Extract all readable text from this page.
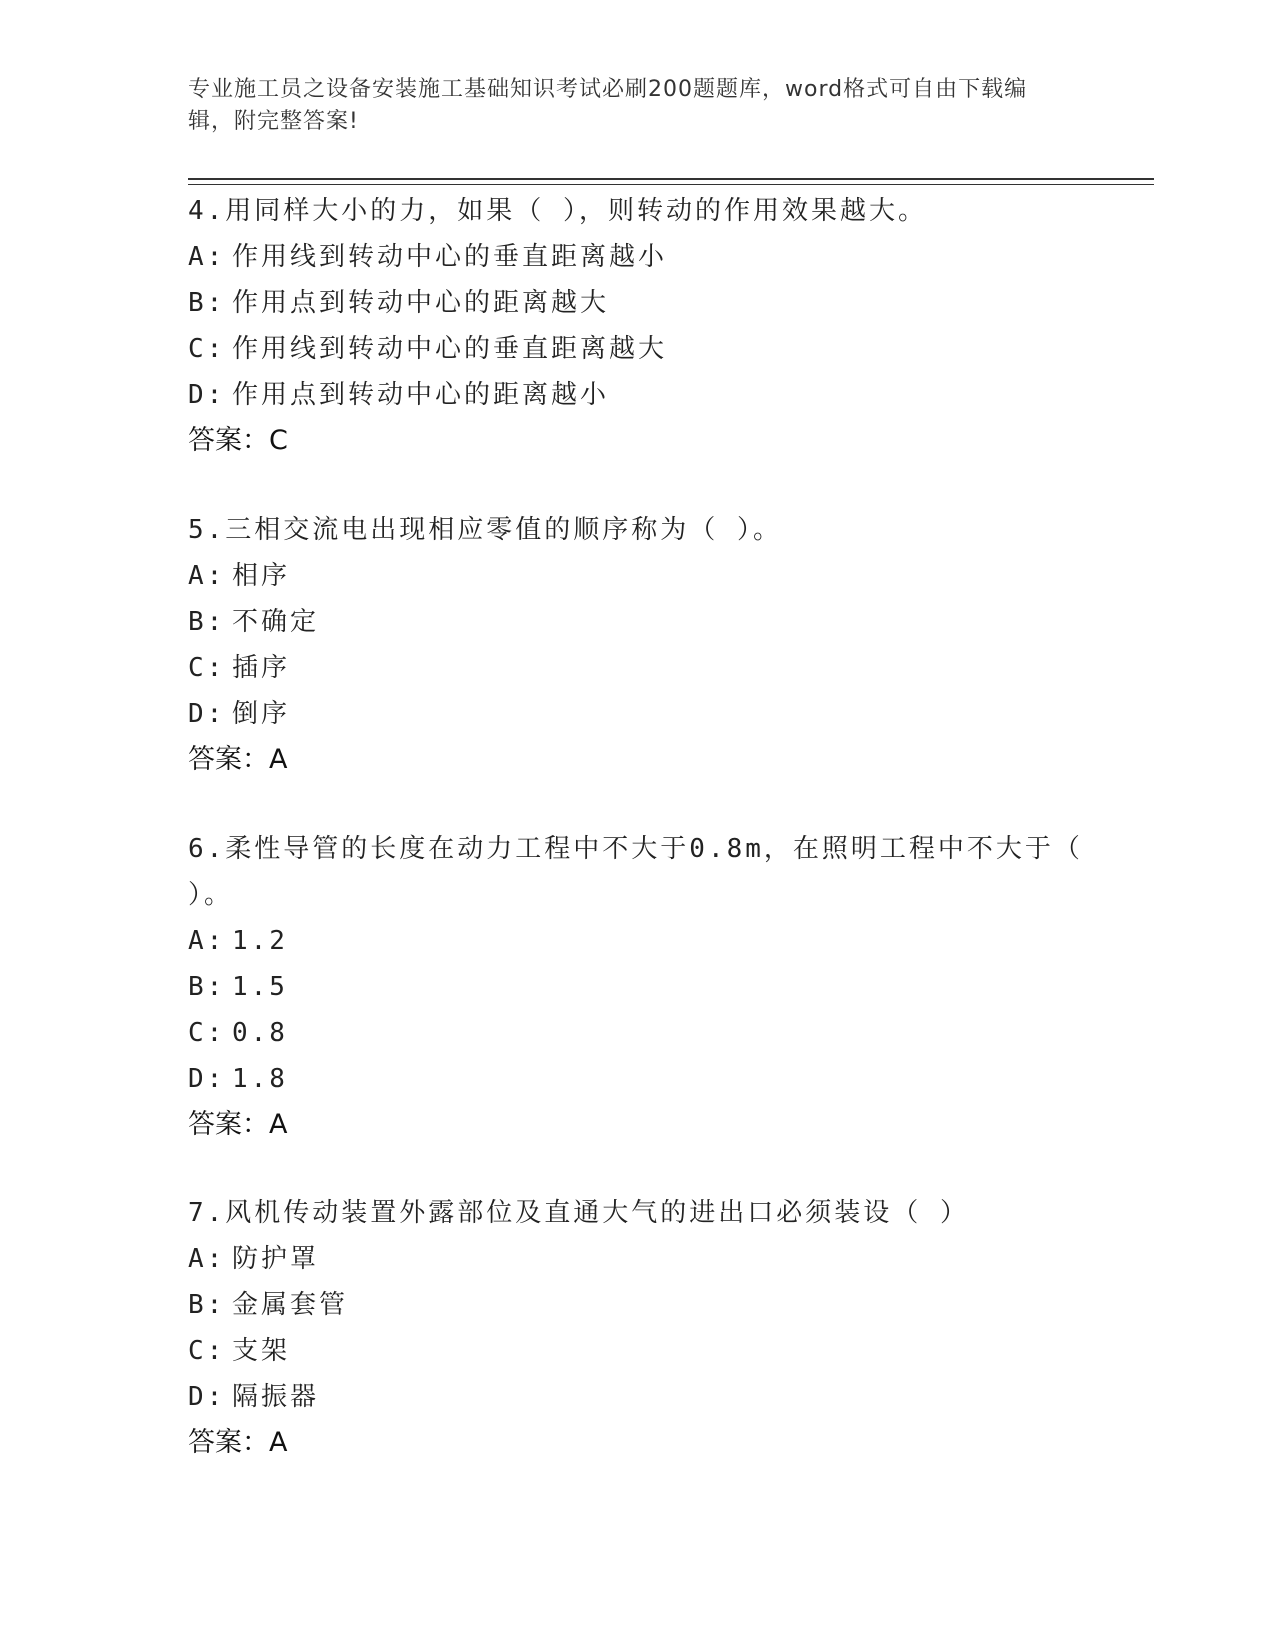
专业施工员之设备安装施工基础知识考试必刷200题题库，word格式可自由下载编辑，附完整答案!

4.用同样大小的力，如果（ ），则转动的作用效果越大。

A: 作用线到转动中心的垂直距离越小

B: 作用点到转动中心的距离越大

C: 作用线到转动中心的垂直距离越大

D: 作用点到转动中心的距离越小

答案：C

5.三相交流电出现相应零值的顺序称为（ ）。

A: 相序

B: 不确定

C: 插序

D: 倒序

答案：A

6.柔性导管的长度在动力工程中不大于0.8m，在照明工程中不大于（ ）。

A: 1.2

B: 1.5

C: 0.8

D: 1.8

答案：A

7.风机传动装置外露部位及直通大气的进出口必须装设（ ）

A: 防护罩

B: 金属套管

C: 支架

D: 隔振器

答案：A
